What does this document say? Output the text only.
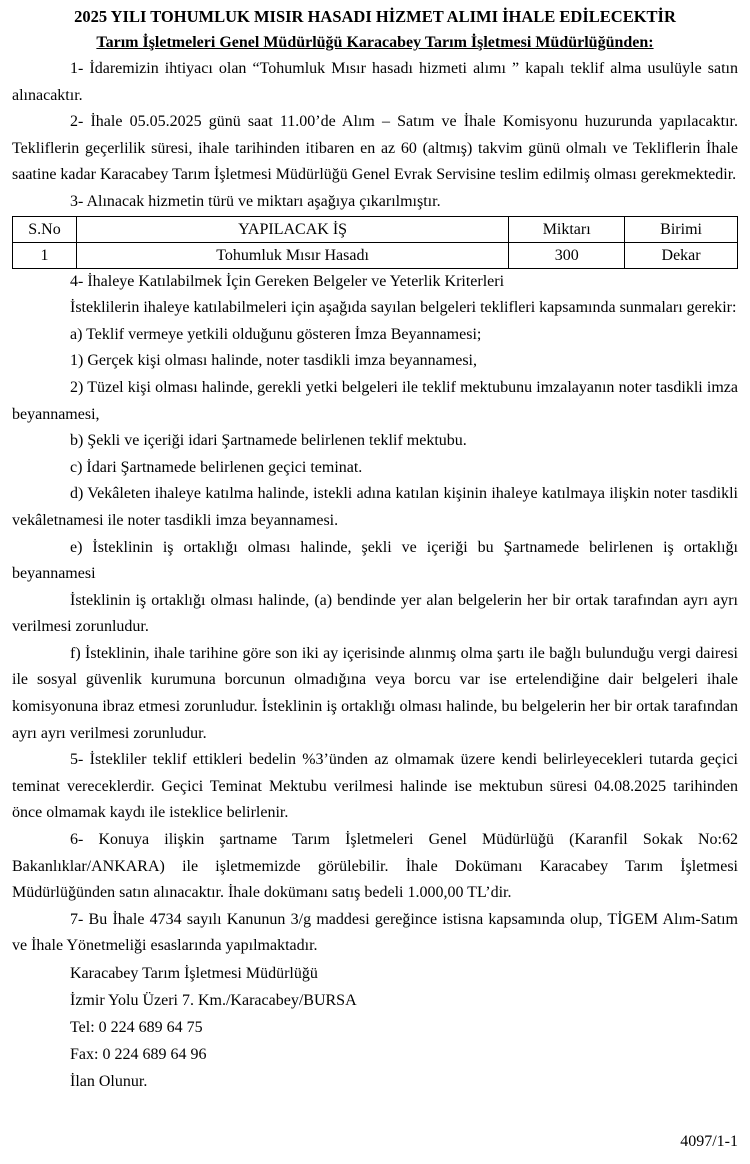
2025 YILI TOHUMLUK MISIR HASADI HİZMET ALIMI İHALE EDİLECEKTİR
Tarım İşletmeleri Genel Müdürlüğü Karacabey Tarım İşletmesi Müdürlüğünden:

1- İdaremizin ihtiyacı olan “Tohumluk Mısır hasadı hizmeti alımı ” kapalı teklif alma usulüyle satın alınacaktır.

2- İhale 05.05.2025 günü saat 11.00’de Alım – Satım ve İhale Komisyonu huzurunda yapılacaktır. Tekliflerin geçerlilik süresi, ihale tarihinden itibaren en az 60 (altmış) takvim günü olmalı ve Tekliflerin İhale saatine kadar Karacabey Tarım İşletmesi Müdürlüğü Genel Evrak Servisine teslim edilmiş olması gerekmektedir.

3- Alınacak hizmetin türü ve miktarı aşağıya çıkarılmıştır.

S.No	YAPILACAK İŞ	Miktarı	Birimi
1	Tohumluk Mısır Hasadı	300	Dekar

4- İhaleye Katılabilmek İçin Gereken Belgeler ve Yeterlik Kriterleri

İsteklilerin ihaleye katılabilmeleri için aşağıda sayılan belgeleri teklifleri kapsamında sunmaları gerekir:

a) Teklif vermeye yetkili olduğunu gösteren İmza Beyannamesi;

1) Gerçek kişi olması halinde, noter tasdikli imza beyannamesi,

2) Tüzel kişi olması halinde, gerekli yetki belgeleri ile teklif mektubunu imzalayanın noter tasdikli imza beyannamesi,

b) Şekli ve içeriği idari Şartnamede belirlenen teklif mektubu.

c) İdari Şartnamede belirlenen geçici teminat.

d) Vekâleten ihaleye katılma halinde, istekli adına katılan kişinin ihaleye katılmaya ilişkin noter tasdikli vekâletnamesi ile noter tasdikli imza beyannamesi.

e) İsteklinin iş ortaklığı olması halinde, şekli ve içeriği bu Şartnamede belirlenen iş ortaklığı beyannamesi

İsteklinin iş ortaklığı olması halinde, (a) bendinde yer alan belgelerin her bir ortak tarafından ayrı ayrı verilmesi zorunludur.

f) İsteklinin, ihale tarihine göre son iki ay içerisinde alınmış olma şartı ile bağlı bulunduğu vergi dairesi ile sosyal güvenlik kurumuna borcunun olmadığına veya borcu var ise ertelendiğine dair belgeleri ihale komisyonuna ibraz etmesi zorunludur. İsteklinin iş ortaklığı olması halinde, bu belgelerin her bir ortak tarafından ayrı ayrı verilmesi zorunludur.

5- İstekliler teklif ettikleri bedelin %3’ünden az olmamak üzere kendi belirleyecekleri tutarda geçici teminat vereceklerdir. Geçici Teminat Mektubu verilmesi halinde ise mektubun süresi 04.08.2025 tarihinden önce olmamak kaydı ile isteklice belirlenir.

6- Konuya ilişkin şartname Tarım İşletmeleri Genel Müdürlüğü (Karanfil Sokak No:62 Bakanlıklar/ANKARA) ile işletmemizde görülebilir. İhale Dokümanı Karacabey Tarım İşletmesi Müdürlüğünden satın alınacaktır. İhale dokümanı satış bedeli 1.000,00 TL’dir.

7- Bu İhale 4734 sayılı Kanunun 3/g maddesi gereğince istisna kapsamında olup, TİGEM Alım-Satım ve İhale Yönetmeliği esaslarında yapılmaktadır.

Karacabey Tarım İşletmesi Müdürlüğü
İzmir Yolu Üzeri 7. Km./Karacabey/BURSA
Tel: 0 224 689 64 75
Fax: 0 224 689 64 96
İlan Olunur.
4097/1-1
